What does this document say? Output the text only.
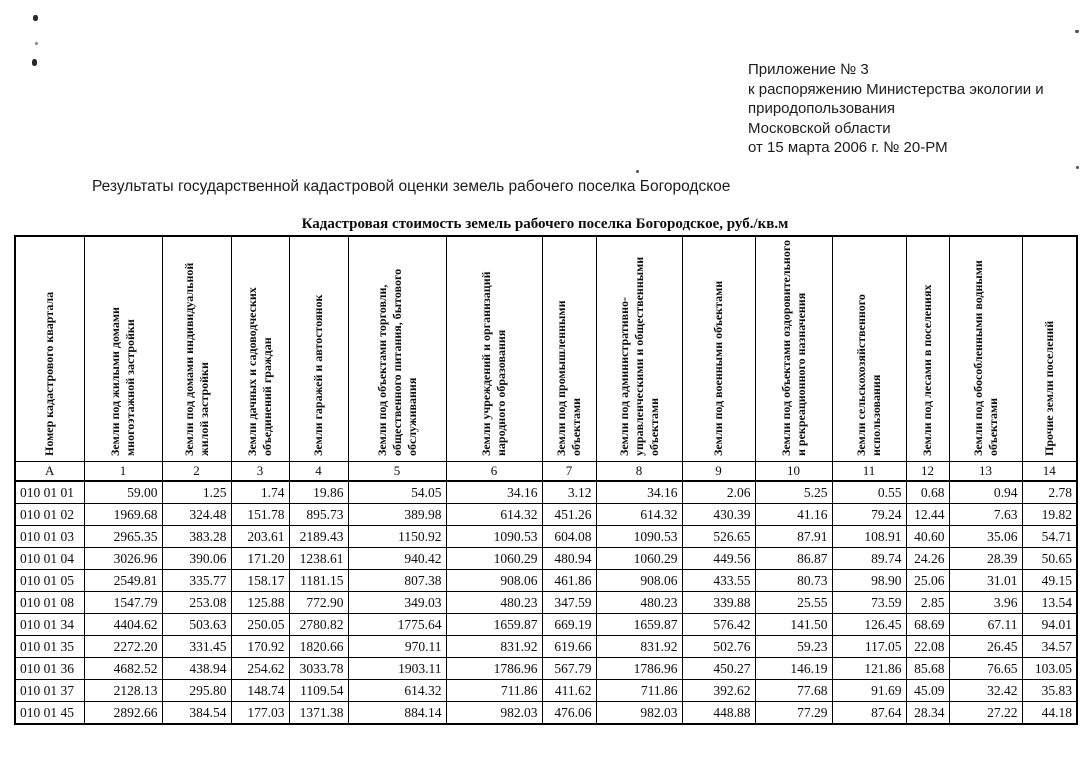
Приложение № 3
к распоряжению Министерства экологии и
природопользования
Московской области
от 15 марта 2006 г. № 20-РМ
Результаты государственной кадастровой оценки земель рабочего поселка Богородское
Кадастровая стоимость земель рабочего поселка Богородское, руб./кв.м
Номер кадастрового квартала	Земли под жилыми домами многоэтажной застройки	Земли под домами индивидуальной жилой застройки	Земли дачных и садоводческих объединений граждан	Земли гаражей и автостоянок	Земли под объектами торговли, общественного питания, бытового обслуживания	Земли учреждений и организаций народного образования	Земли под промышленными объектами	Земли под административно-управленческими и общественными объектами	Земли под военными объектами	Земли под объектами оздоровительного и рекреационного назначения	Земли сельскохозяйственного использования	Земли под лесами в поселениях	Земли под обособленными водными объектами	Прочие земли поселений

А	1	2	3	4	5	6	7	8	9	10	11	12	13	14
010 01 01	59.00	1.25	1.74	19.86	54.05	34.16	3.12	34.16	2.06	5.25	0.55	0.68	0.94	2.78
010 01 02	1969.68	324.48	151.78	895.73	389.98	614.32	451.26	614.32	430.39	41.16	79.24	12.44	7.63	19.82
010 01 03	2965.35	383.28	203.61	2189.43	1150.92	1090.53	604.08	1090.53	526.65	87.91	108.91	40.60	35.06	54.71
010 01 04	3026.96	390.06	171.20	1238.61	940.42	1060.29	480.94	1060.29	449.56	86.87	89.74	24.26	28.39	50.65
010 01 05	2549.81	335.77	158.17	1181.15	807.38	908.06	461.86	908.06	433.55	80.73	98.90	25.06	31.01	49.15
010 01 08	1547.79	253.08	125.88	772.90	349.03	480.23	347.59	480.23	339.88	25.55	73.59	2.85	3.96	13.54
010 01 34	4404.62	503.63	250.05	2780.82	1775.64	1659.87	669.19	1659.87	576.42	141.50	126.45	68.69	67.11	94.01
010 01 35	2272.20	331.45	170.92	1820.66	970.11	831.92	619.66	831.92	502.76	59.23	117.05	22.08	26.45	34.57
010 01 36	4682.52	438.94	254.62	3033.78	1903.11	1786.96	567.79	1786.96	450.27	146.19	121.86	85.68	76.65	103.05
010 01 37	2128.13	295.80	148.74	1109.54	614.32	711.86	411.62	711.86	392.62	77.68	91.69	45.09	32.42	35.83
010 01 45	2892.66	384.54	177.03	1371.38	884.14	982.03	476.06	982.03	448.88	77.29	87.64	28.34	27.22	44.18
